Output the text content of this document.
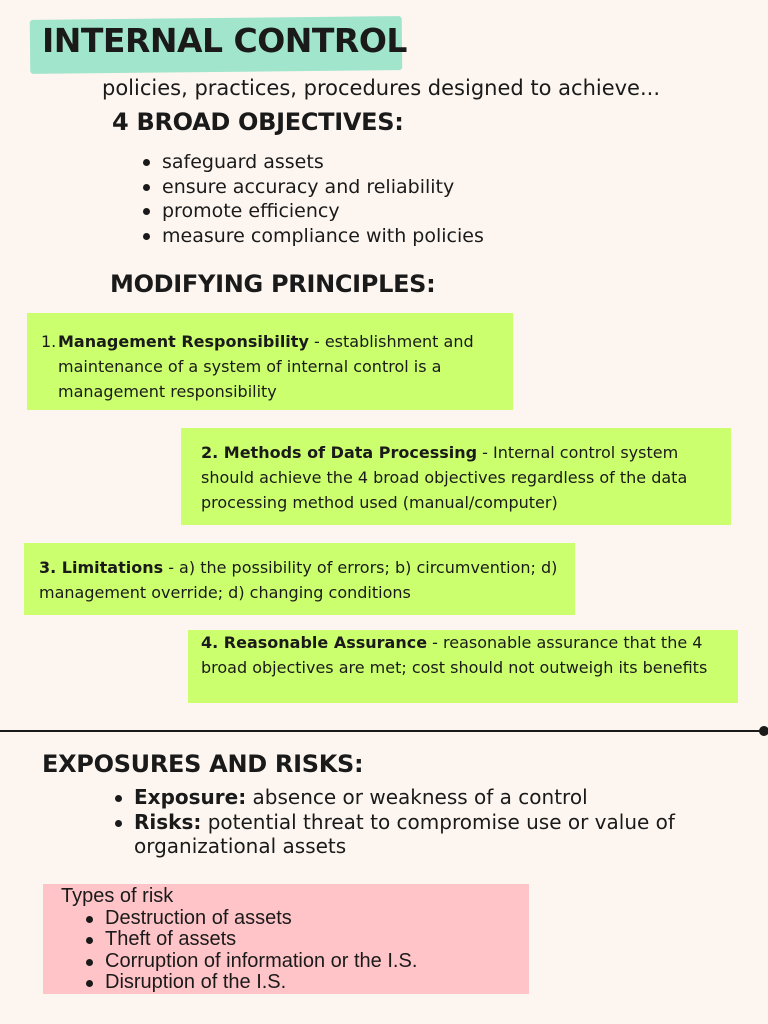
INTERNAL CONTROL
policies, practices, procedures designed to achieve...
4 BROAD OBJECTIVES:
safeguard assets
ensure accuracy and reliability
promote efficiency
measure compliance with policies
MODIFYING PRINCIPLES:
1. Management Responsibility - establishment and maintenance of a system of internal control is a management responsibility
2. Methods of Data Processing - Internal control system should achieve the 4 broad objectives regardless of the data processing method used (manual/computer)
3. Limitations - a) the possibility of errors; b) circumvention; d) management override; d) changing conditions
4. Reasonable Assurance - reasonable assurance that the 4 broad objectives are met; cost should not outweigh its benefits
EXPOSURES AND RISKS:
Exposure: absence or weakness of a control
Risks: potential threat to compromise use or value of
organizational assets
Types of risk
Destruction of assets
Theft of assets
Corruption of information or the I.S.
Disruption of the I.S.
